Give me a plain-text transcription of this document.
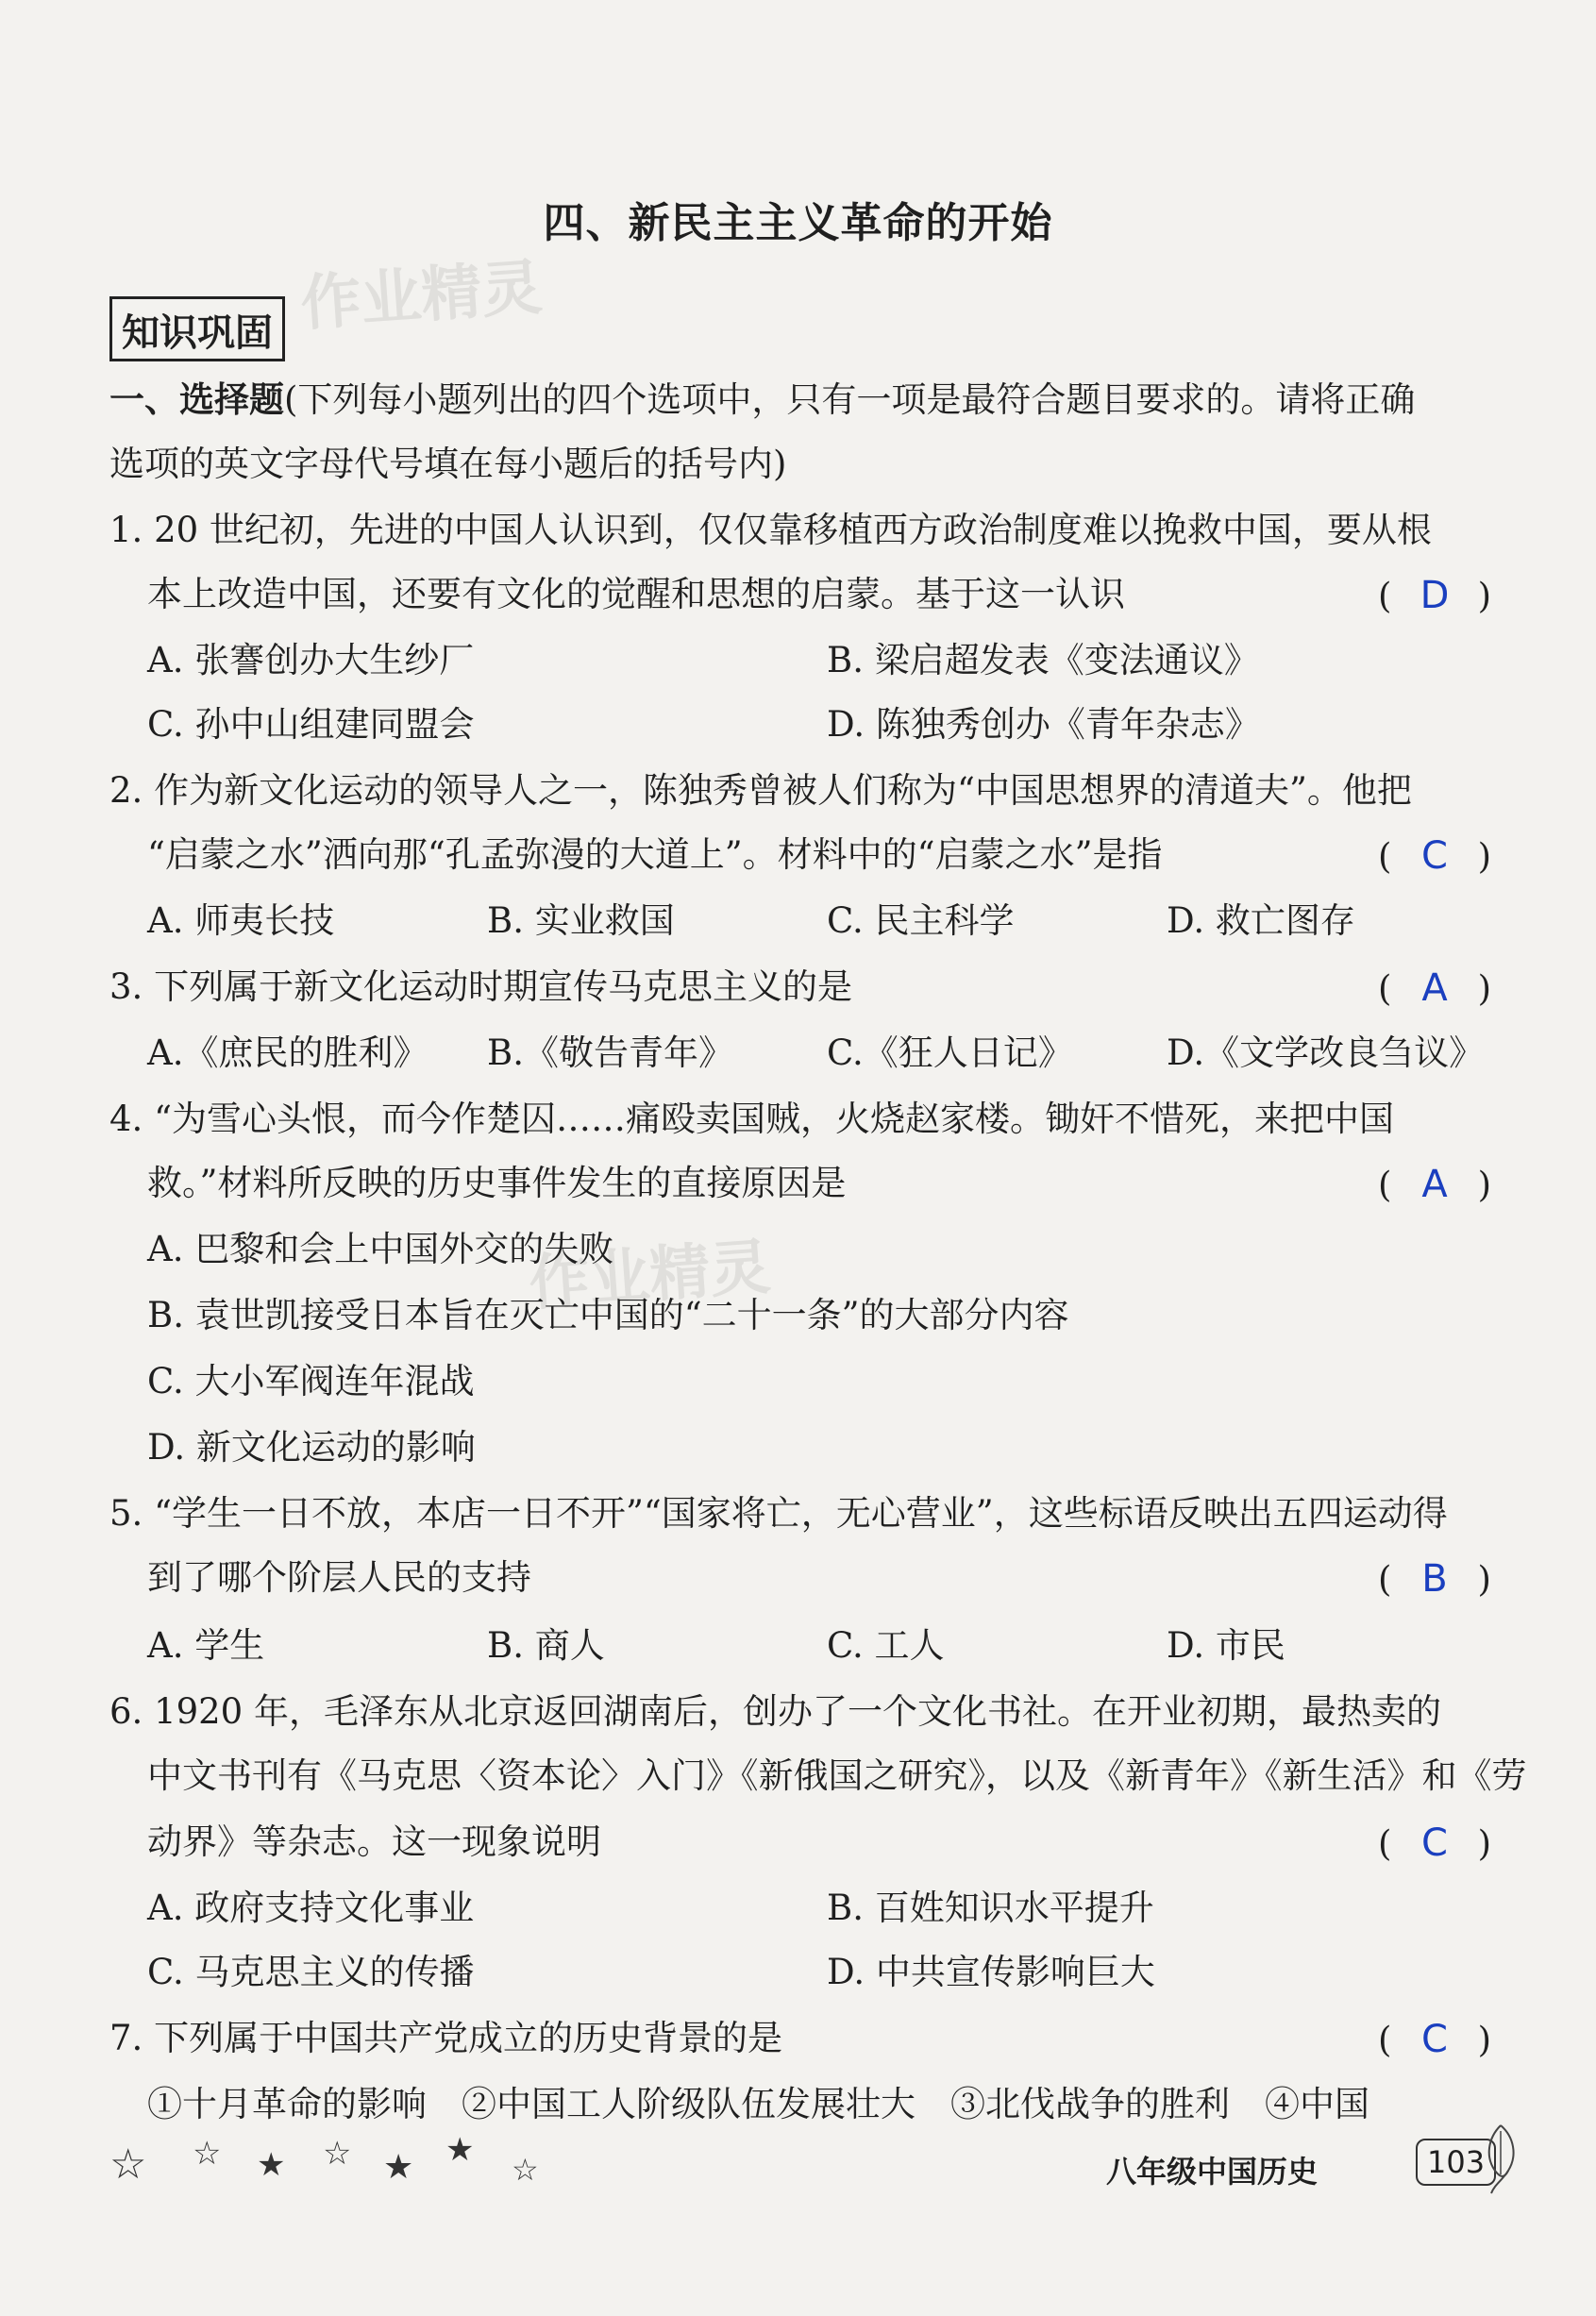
作业精灵
作业精灵
四、新民主主义革命的开始
知识巩固
一、选择题(下列每小题列出的四个选项中，只有一项是最符合题目要求的。请将正确
选项的英文字母代号填在每小题后的括号内)
1. 20 世纪初，先进的中国人认识到，仅仅靠移植西方政治制度难以挽救中国，要从根
本上改造中国，还要有文化的觉醒和思想的启蒙。基于这一认识	( D )
A. 张謇创办大生纱厂	B. 梁启超发表《变法通议》
C. 孙中山组建同盟会	D. 陈独秀创办《青年杂志》
2. 作为新文化运动的领导人之一，陈独秀曾被人们称为“中国思想界的清道夫”。他把
“启蒙之水”洒向那“孔孟弥漫的大道上”。材料中的“启蒙之水”是指	( C )
A. 师夷长技	B. 实业救国	C. 民主科学	D. 救亡图存
3. 下列属于新文化运动时期宣传马克思主义的是	( A )
A.《庶民的胜利》 B.《敬告青年》	C.《狂人日记》	D.《文学改良刍议》
4. “为雪心头恨，而今作楚囚……痛殴卖国贼，火烧赵家楼。锄奸不惜死，来把中国
救。”材料所反映的历史事件发生的直接原因是	( A )
A. 巴黎和会上中国外交的失败
B. 袁世凯接受日本旨在灭亡中国的“二十一条”的大部分内容
C. 大小军阀连年混战
D. 新文化运动的影响
5. “学生一日不放，本店一日不开”“国家将亡，无心营业”，这些标语反映出五四运动得
到了哪个阶层人民的支持	( B )
A. 学生	B. 商人	C. 工人	D. 市民
6. 1920 年，毛泽东从北京返回湖南后，创办了一个文化书社。在开业初期，最热卖的
中文书刊有《马克思〈资本论〉入门》《新俄国之研究》，以及《新青年》《新生活》和《劳
动界》等杂志。这一现象说明	( C )
A. 政府支持文化事业	B. 百姓知识水平提升
C. 马克思主义的传播	D. 中共宣传影响巨大
7. 下列属于中国共产党成立的历史背景的是	( C )
①十月革命的影响　②中国工人阶级队伍发展壮大　③北伐战争的胜利　④中国
☆ ☆ ★ ☆ ★ ★
☆	八年级中国历史	103
